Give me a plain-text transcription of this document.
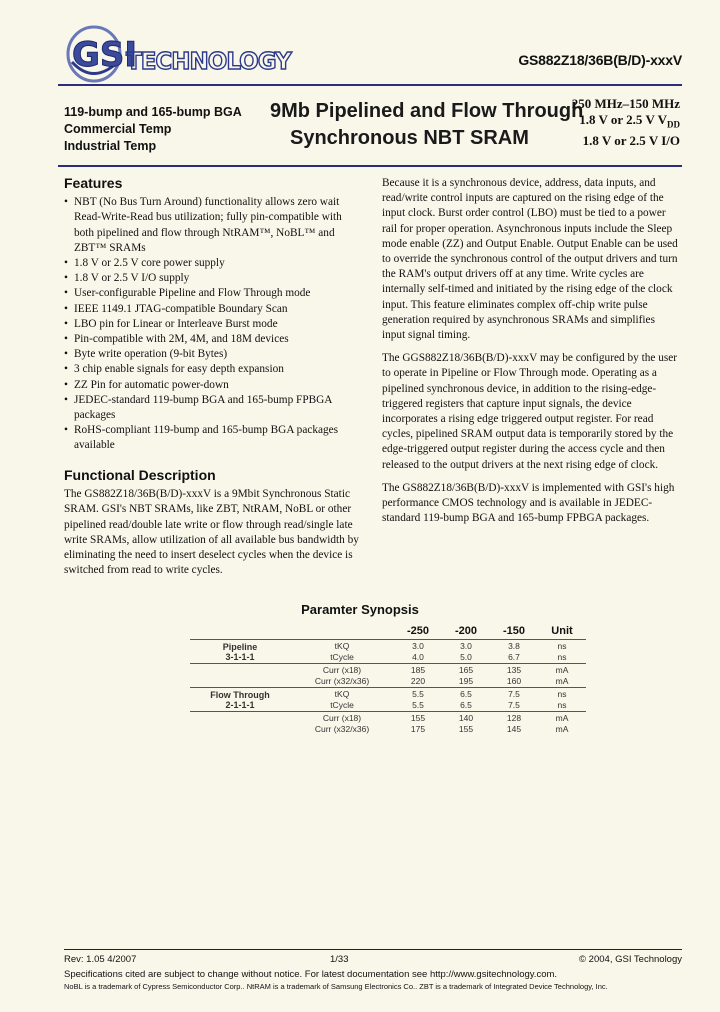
GSI
TECHNOLOGY	GS882Z18/36B(B/D)-xxxV
119-bump and 165-bump BGA
Commercial Temp
Industrial Temp
9Mb Pipelined and Flow Through
Synchronous NBT SRAM
250 MHz–150 MHz
1.8 V or 2.5 V $V_{DD}$
1.8 V or 2.5 V I/O
Features
• NBT (No Bus Turn Around) functionality allows zero wait Read-Write-Read bus utilization; fully pin-compatible with both pipelined and flow through NtRAM™, NoBL™ and ZBT™ SRAMs
• 1.8 V or 2.5 V core power supply
• 1.8 V or 2.5 V I/O supply
• User-configurable Pipeline and Flow Through mode
• IEEE 1149.1 JTAG-compatible Boundary Scan
• LBO pin for Linear or Interleave Burst mode
• Pin-compatible with 2M, 4M, and 18M devices
• Byte write operation (9-bit Bytes)
• 3 chip enable signals for easy depth expansion
• ZZ Pin for automatic power-down
• JEDEC-standard 119-bump BGA and 165-bump FPBGA packages
• RoHS-compliant 119-bump and 165-bump BGA packages available
Functional Description

The GS882Z18/36B(B/D)-xxxV is a 9Mbit Synchronous Static SRAM. GSI's NBT SRAMs, like ZBT, NtRAM, NoBL or other pipelined read/double late write or flow through read/single late write SRAMs, allow utilization of all available bus bandwidth by eliminating the need to insert deselect cycles when the device is switched from read to write cycles.

Because it is a synchronous device, address, data inputs, and read/write control inputs are captured on the rising edge of the input clock. Burst order control (LBO) must be tied to a power rail for proper operation. Asynchronous inputs include the Sleep mode enable (ZZ) and Output Enable. Output Enable can be used to override the synchronous control of the output drivers and turn the RAM's output drivers off at any time. Write cycles are internally self-timed and initiated by the rising edge of the clock input. This feature eliminates complex off-chip write pulse generation required by asynchronous SRAMs and simplifies input signal timing.

The GGS882Z18/36B(B/D)-xxxV may be configured by the user to operate in Pipeline or Flow Through mode. Operating as a pipelined synchronous device, in addition to the rising-edge-triggered registers that capture input signals, the device incorporates a rising edge triggered output register. For read cycles, pipelined SRAM output data is temporarily stored by the edge-triggered output register during the access cycle and then released to the output drivers at the next rising edge of clock.

The GS882Z18/36B(B/D)-xxxV is implemented with GSI's high performance CMOS technology and is available in JEDEC-standard 119-bump BGA and 165-bump FPBGA packages.

Paramter Synopsis
		-250	-200	-150	Unit

Pipeline
3-1-1-1	tKQ	3.0	3.0	3.8	ns
	tCycle	4.0	5.0	6.7	ns
	Curr (x18)	185	165	135	mA
	Curr (x32/x36)	220	195	160	mA

Flow Through
2-1-1-1	tKQ	5.5	6.5	7.5	ns
	tCycle	5.5	6.5	7.5	ns
	Curr (x18)	155	140	128	mA
	Curr (x32/x36)	175	155	145	mA
Rev: 1.05 4/2007	1/33	© 2004, GSI Technology
Specifications cited are subject to change without notice. For latest documentation see http://www.gsitechnology.com.
NoBL is a trademark of Cypress Semiconductor Corp.. NtRAM is a trademark of Samsung Electronics Co.. ZBT is a trademark of Integrated Device Technology, Inc.
